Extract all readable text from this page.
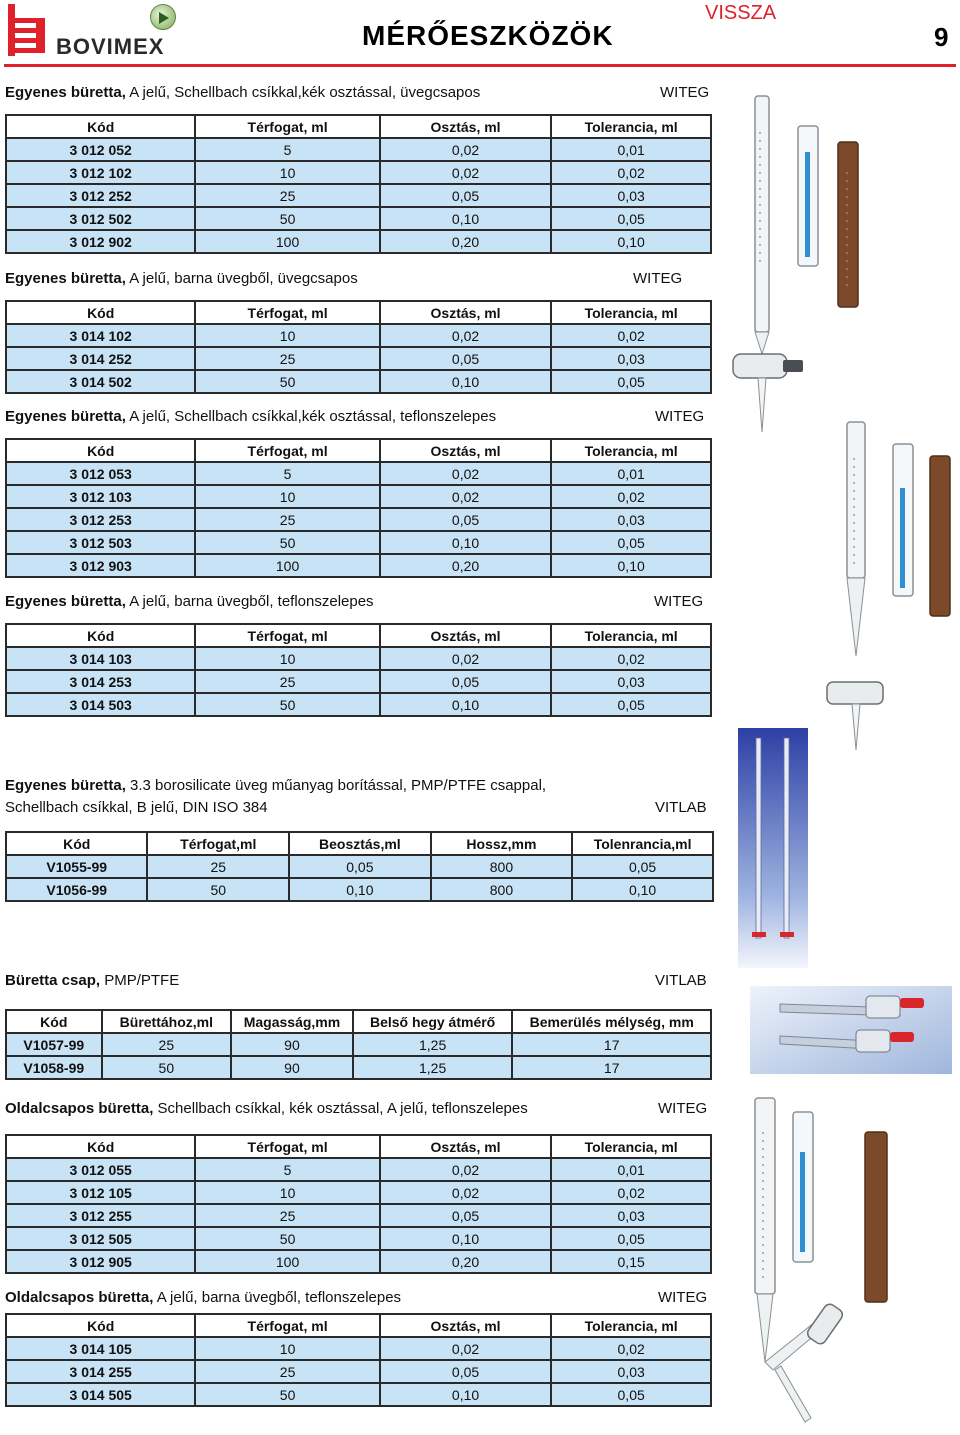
BOVIMEX	MÉRŐESZKÖZÖK
VISSZA
9
Egyenes büretta, A jelű, Schellbach csíkkal,kék osztással, üvegcsapos	WITEG
Kód	Térfogat, ml	Osztás, ml	Tolerancia, ml
3 012 052	5	0,02	0,01
3 012 102	10	0,02	0,02
3 012 252	25	0,05	0,03
3 012 502	50	0,10	0,05
3 012 902	100	0,20	0,10
Egyenes büretta, A jelű, barna üvegből, üvegcsapos	WITEG
Kód	Térfogat, ml	Osztás, ml	Tolerancia, ml
3 014 102	10	0,02	0,02
3 014 252	25	0,05	0,03
3 014 502	50	0,10	0,05
Egyenes büretta, A jelű, Schellbach csíkkal,kék osztással, teflonszelepes	WITEG
Kód	Térfogat, ml	Osztás, ml	Tolerancia, ml
3 012 053	5	0,02	0,01
3 012 103	10	0,02	0,02
3 012 253	25	0,05	0,03
3 012 503	50	0,10	0,05
3 012 903	100	0,20	0,10
Egyenes büretta, A jelű, barna üvegből, teflonszelepes	WITEG
Kód	Térfogat, ml	Osztás, ml	Tolerancia, ml
3 014 103	10	0,02	0,02
3 014 253	25	0,05	0,03
3 014 503	50	0,10	0,05
Egyenes büretta, 3.3 borosilicate üveg műanyag borítással, PMP/PTFE csappal,
Schellbach csíkkal, B jelű, DIN ISO 384	VITLAB
Kód	Térfogat,ml	Beosztás,ml	Hossz,mm	Tolenrancia,ml
V1055-99	25	0,05	800	0,05
V1056-99	50	0,10	800	0,10
Büretta csap, PMP/PTFE	VITLAB
Kód	Bürettához,ml	Magasság,mm	Belső hegy átmérő	Bemerülés mélység, mm
V1057-99	25	90	1,25	17
V1058-99	50	90	1,25	17
Oldalcsapos büretta, Schellbach csíkkal, kék osztással, A jelű, teflonszelepes	WITEG
Kód	Térfogat, ml	Osztás, ml	Tolerancia, ml
3 012 055	5	0,02	0,01
3 012 105	10	0,02	0,02
3 012 255	25	0,05	0,03
3 012 505	50	0,10	0,05
3 012 905	100	0,20	0,15
Oldalcsapos büretta, A jelű, barna üvegből, teflonszelepes	WITEG
Kód	Térfogat, ml	Osztás, ml	Tolerancia, ml
3 014 105	10	0,02	0,02
3 014 255	25	0,05	0,03
3 014 505	50	0,10	0,05
